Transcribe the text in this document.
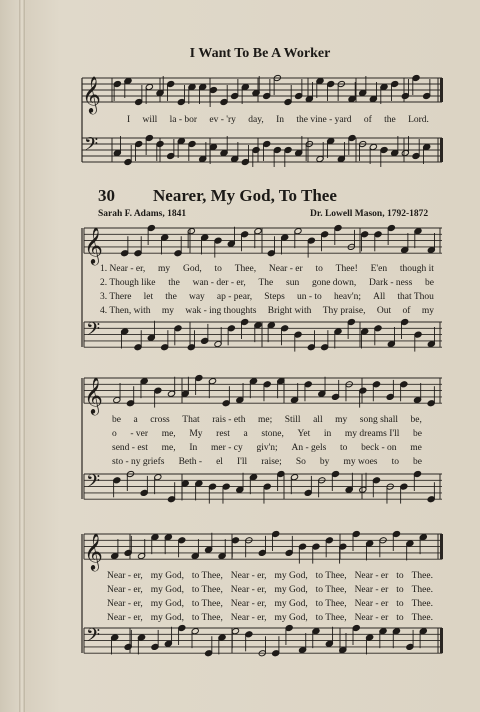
I Want To Be A Worker
𝄞
𝄢
𝄞
𝄢
𝄞
𝄢
𝄞
𝄢
I will la - bor ev - 'ry day, In the vine - yard of the Lord.
30 Nearer, My God, To Thee
Sarah F. Adams, 1841	Dr. Lowell Mason, 1792-1872
1. Near - er, my God, to Thee, Near - er to Thee! E'en though it
2. Though like the wan - der - er, The sun gone down, Dark - ness be
3. There let the way ap - pear, Steps un - to heav'n; All that Thou
4. Then, with my wak - ing thoughts Bright with Thy praise, Out of my
be a cross That rais - eth me; Still all my song shall be,
o - ver me, My rest a stone, Yet in my dreams I'll be
send - est me, In mer - cy giv'n; An - gels to beck - on me
sto - ny griefs Beth - el I'll raise; So by my woes to be
Near - er, my God, to Thee, Near - er, my God, to Thee, Near - er to Thee.
Near - er, my God, to Thee, Near - er, my God, to Thee, Near - er to Thee.
Near - er, my God, to Thee, Near - er, my God, to Thee, Near - er to Thee.
Near - er, my God, to Thee, Near - er, my God, to Thee, Near - er to Thee.
